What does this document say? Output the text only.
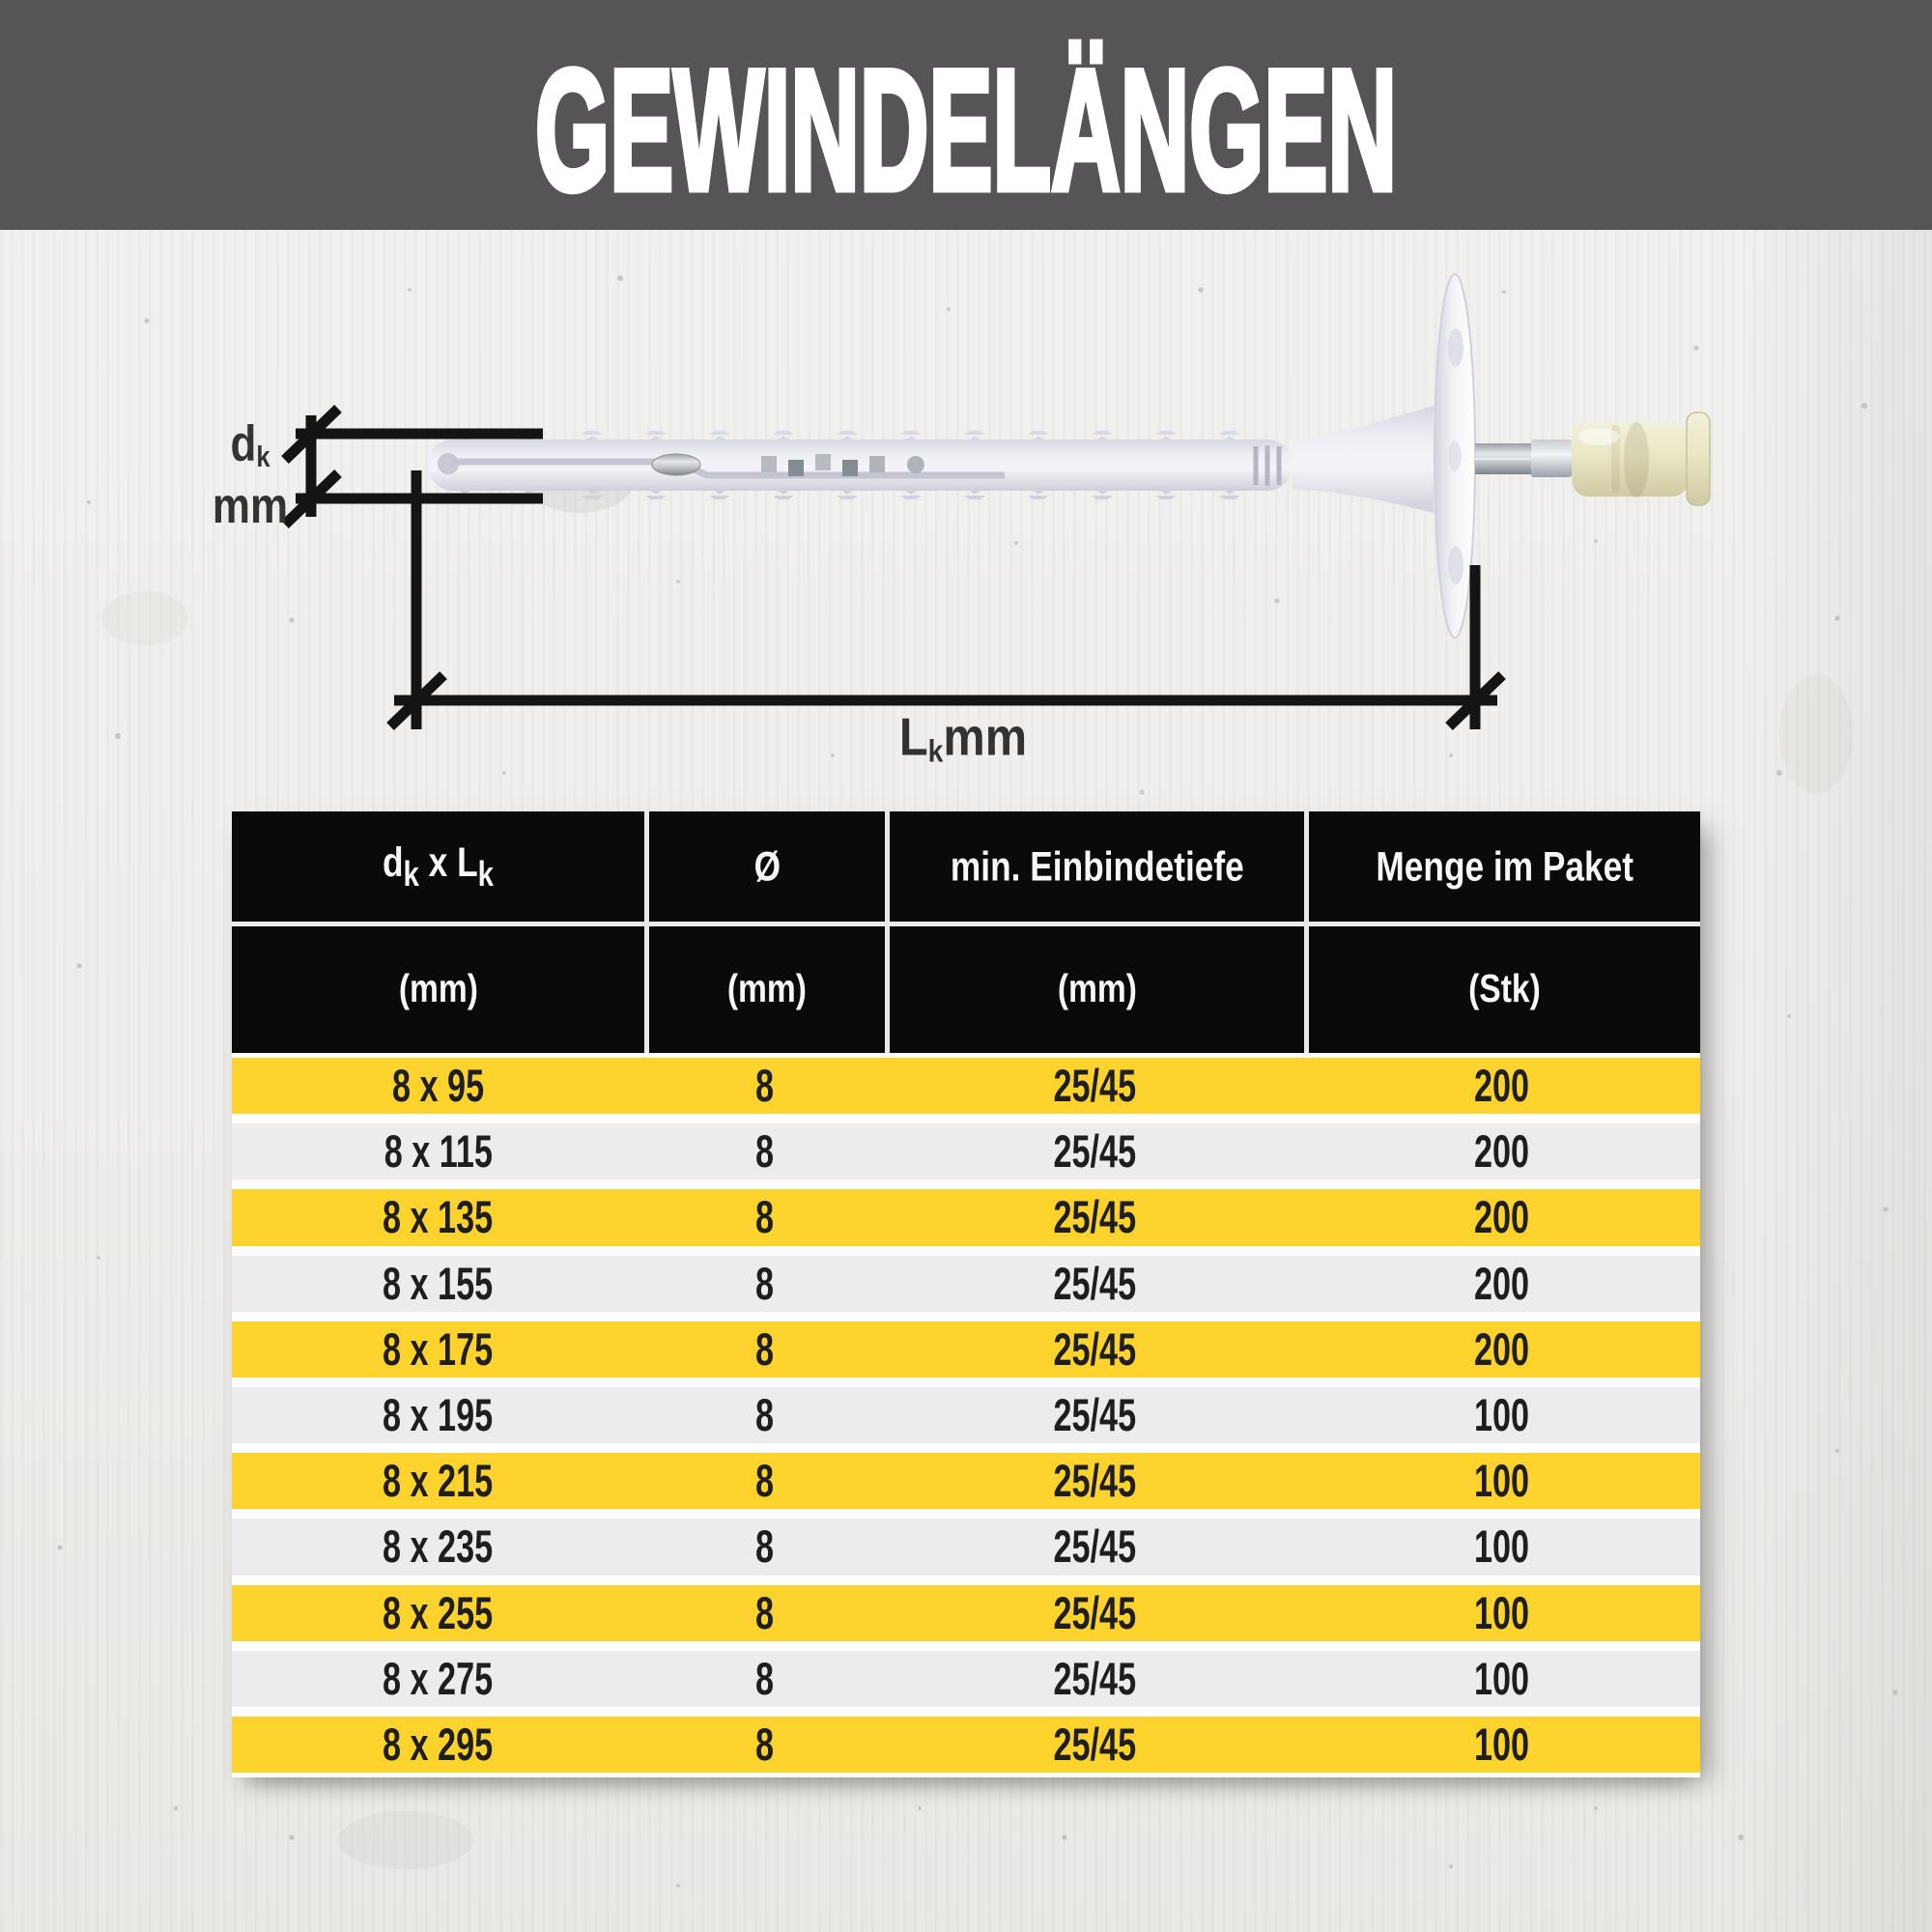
GEWINDELÄNGEN
$d_k$
mm
$L_kmm$
$d_k$ x $L_k$	Ø	min. Einbindetiefe	Menge im Paket
(mm)	(mm)	(mm)	(Stk)
8 x 95	8	25/45	200
8 x 115	8	25/45	200
8 x 135	8	25/45	200
8 x 155	8	25/45	200
8 x 175	8	25/45	200
8 x 195	8	25/45	100
8 x 215	8	25/45	100
8 x 235	8	25/45	100
8 x 255	8	25/45	100
8 x 275	8	25/45	100
8 x 295	8	25/45	100
